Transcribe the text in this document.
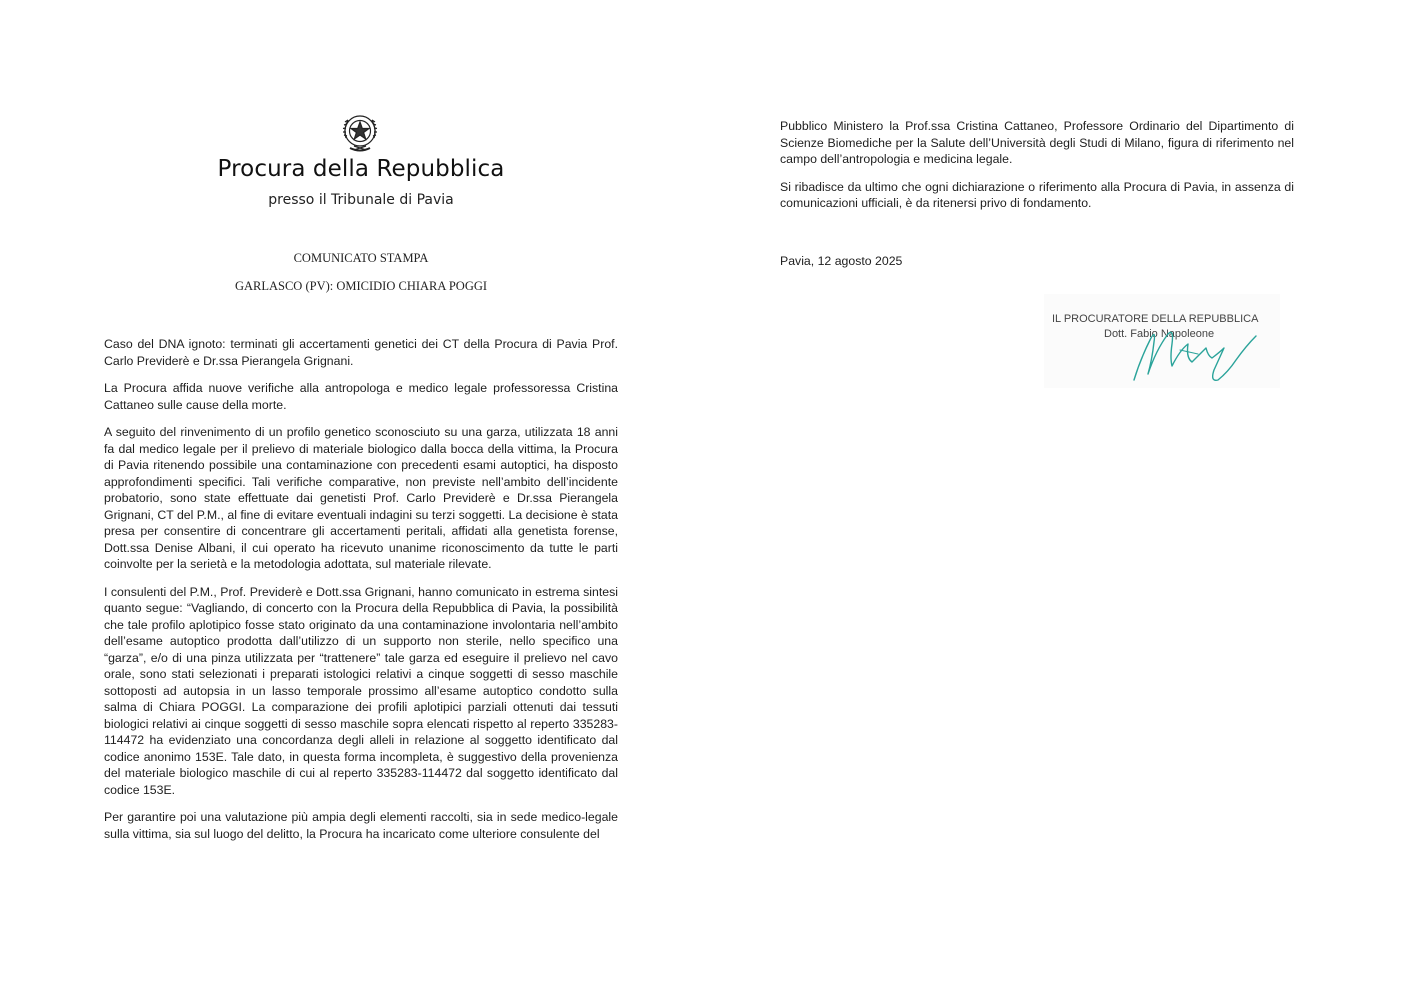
Procura della Repubblica
presso il Tribunale di Pavia
COMUNICATO STAMPA
GARLASCO (PV): OMICIDIO CHIARA POGGI

Caso del DNA ignoto: terminati gli accertamenti genetici dei CT della Procura di Pavia Prof. Carlo Previderè e Dr.ssa Pierangela Grignani.

La Procura affida nuove verifiche alla antropologa e medico legale professoressa Cristina Cattaneo sulle cause della morte.

A seguito del rinvenimento di un profilo genetico sconosciuto su una garza, utilizzata 18 anni fa dal medico legale per il prelievo di materiale biologico dalla bocca della vittima, la Procura di Pavia ritenendo possibile una contaminazione con precedenti esami autoptici, ha disposto approfondimenti specifici. Tali verifiche comparative, non previste nell’ambito dell’incidente probatorio, sono state effettuate dai genetisti Prof. Carlo Previderè e Dr.ssa Pierangela Grignani, CT del P.M., al fine di evitare eventuali indagini su terzi soggetti. La decisione è stata presa per consentire di concentrare gli accertamenti peritali, affidati alla genetista forense, Dott.ssa Denise Albani, il cui operato ha ricevuto unanime riconoscimento da tutte le parti coinvolte per la serietà e la metodologia adottata, sul materiale rilevate.

I consulenti del P.M., Prof. Previderè e Dott.ssa Grignani, hanno comunicato in estrema sintesi quanto segue: “Vagliando, di concerto con la Procura della Repubblica di Pavia, la possibilità che tale profilo aplotipico fosse stato originato da una contaminazione involontaria nell’ambito dell’esame autoptico prodotta dall’utilizzo di un supporto non sterile, nello specifico una “garza”, e/o di una pinza utilizzata per “trattenere” tale garza ed eseguire il prelievo nel cavo orale, sono stati selezionati i preparati istologici relativi a cinque soggetti di sesso maschile sottoposti ad autopsia in un lasso temporale prossimo all’esame autoptico condotto sulla salma di Chiara POGGI. La comparazione dei profili aplotipici parziali ottenuti dai tessuti biologici relativi ai cinque soggetti di sesso maschile sopra elencati rispetto al reperto 335283-114472 ha evidenziato una concordanza degli alleli in relazione al soggetto identificato dal codice anonimo 153E. Tale dato, in questa forma incompleta, è suggestivo della provenienza del materiale biologico maschile di cui al reperto 335283-114472 dal soggetto identificato dal codice 153E.

Per garantire poi una valutazione più ampia degli elementi raccolti, sia in sede medico-legale sulla vittima, sia sul luogo del delitto, la Procura ha incaricato come ulteriore consulente del

Pubblico Ministero la Prof.ssa Cristina Cattaneo, Professore Ordinario del Dipartimento di Scienze Biomediche per la Salute dell’Università degli Studi di Milano, figura di riferimento nel campo dell’antropologia e medicina legale.

Si ribadisce da ultimo che ogni dichiarazione o riferimento alla Procura di Pavia, in assenza di comunicazioni ufficiali, è da ritenersi privo di fondamento.

Pavia, 12 agosto 2025
IL PROCURATORE DELLA REPUBBLICA
Dott. Fabio Napoleone
